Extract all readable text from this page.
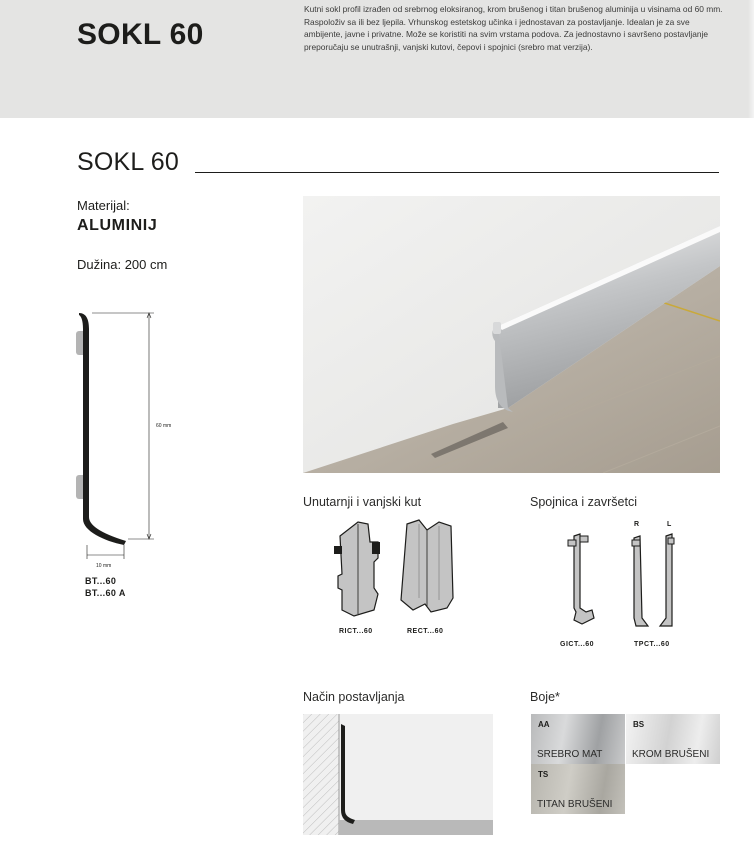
SOKL 60
Kutni sokl profil izrađen od srebrnog eloksiranog, krom brušenog i titan brušenog aluminija u visinama od 60 mm. Raspoloživ sa ili bez ljepila. Vrhunskog estetskog učinka i jednostavan za postavljanje. Idealan je za sve ambijente, javne i privatne. Može se koristiti na svim vrstama podova. Za jednostavno i savršeno postavljanje preporučaju se unutrašnji, vanjski kutovi, čepovi i spojnici (srebro mat verzija).
SOKL 60
Materijal:
ALUMINIJ
Dužina: 200 cm
60 mm
10 mm
BT...60
BT...60 A
Unutarnji i vanjski kut
RICT...60	RECT...60
Spojnica i završetci
R	L
GICT...60	TPCT...60
Način postavljanja	Boje*
AA
SREBRO MAT
BS
KROM BRUŠENI
TS
TITAN BRUŠENI
